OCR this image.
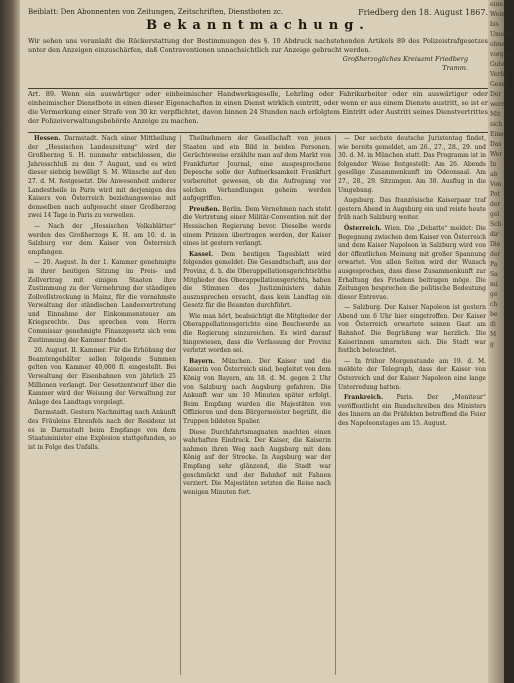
Beiblatt: Den Abonnenten von Zeitungen, Zeitschriften, Dienstboten zc.	Friedberg den 18. August 1867.
Bekanntmachung.
Wir sehen uns veranlaßt die Rückerstattung der Bestimmungen des §. 10 Abdruck nachstehenden Artikels 89 des Polizeistrafgesetzes unter den Anzeigen einzuschärfen, daß Contraventionen unnachsichtlich zur Anzeige gebracht werden.
Großherzogliches Kreisamt Friedberg
Tramm.
Art. 89. Wenn ein auswärtiger oder einheimischer Handwerksgeselle, Lehrling oder Fabrikarbeiter oder ein auswärtiger oder einheimischer Dienstbote in einen dieser Eigenschaften in einen Dienst wirklich eintritt, oder wenn er aus einem Dienste austritt, so ist er die Vermerkung einer Strafe von 30 kr. verpflichtet, davon binnen 24 Stunden nach erfolgtem Eintritt oder Austritt seines Dienstvertrittes der Polizeiverwaltungsbehörde Anzeige zu machen.

Hessen. Darmstadt. Nach einer Mittheilung der „Hessischen Landeszeitung“ wird der Großherzog S. H. nunmehr entschlossen, die Jahresschluß zu den 7 August, und es wird dieser siebzig bewilligt S. M. Wünsche auf den 27. d. M. festgesetzt. Die Anwesenheit anderer Landestheile in Paris wird mit derjenigen des Kaisers von Österreich beziehungsweise mit demselben nach aufgesucht einer Großherzog zwei 14 Tage in Paris zu verweilen.

— Nach der „Hessischen Volksblätter“ werden des Großherzogs K. H. am 10. d. in Salzburg vor dem Kaiser von Österreich empfangen.

— 20. August. In der 1. Kammer genehmigte in ihrer heutigen Sitzung im Preis- und Zollvertrag mit einigen Staaten ihre Zustimmung zu der Vermehrung der ständigen Zollvollstreckung in Mainz, für die vornehmste Verwaltung der ständischen Landesvertretung und Einnahme der Einkommensteuer am Kriegsrechte. Das sprechen vom Herrn Commissar genehmigte Finanzgesetz sich vom Zustimmung der Kammer findet.

20. August. II. Kammer. Für die Erhöhung der Beamtengehälter sollen folgende Summen gelten von Kammer 40,000 fl. eingestellt. Bei Verwaltung der Eisenbahnen von jährlich 25 Millionen verlangt. Der Gesetzentwurf über die Kammer wird der Weisung der Verwaltung zur Anlage des Landtags vorgelegt.

Darmstadt. Gestern Nachmittag nach Ankunft des Fräuleins Ehrenfels nach der Residenz ist es in Darmstadt beim Empfange von dem Staatsminister eine Explosion stattgefunden, so ist in Folge des Unfalls.

Theilnehmern der Gesellschaft von jenen Staaten und ein Bild in beiden Personen. Gerüchteweise erzählte man auf dem Markt von Frankfurter Journal, eine ausgesprochene Depesche solle der Aufmerksamkeit Frankfurt vorbereitet gewesen, ob die Aufregung vor solchen Verhandlungen geheim werden aufgegriffen.

Preußen. Berlin. Dem Vernehmen nach steht die Vertretung einer Militär-Convention mit der Hessischen Regierung bevor. Dieselbe werde einem Prinzen übertragen werden, der Kaiser eines ist gestern verlangt.

Kassel. Dem heutigen Tagesblatt wird folgendes gemeldet: Die Gesandtschaft, aus der Provinz, d. h. die Oberappellationsgerichtsräthe Mitglieder des Oberappellationsgerichts, haben die Stimmen des Justizministers dahin auszusprechen ersucht, dass kein Landtag ein Gesetz für die Beamten durchführt.

Wie man hört, beabsichtigt die Mitglieder der Oberappellationsgerichte eine Beschwerde an die Regierung einzureichen. Es wird darauf hingewiesen, dass die Verfassung der Provinz verletzt worden sei.

Bayern. München. Der Kaiser und die Kaiserin von Österreich sind, begleitet von dem König von Bayern, am 18. d. M. gegen 2 Uhr von Salzburg nach Augsburg gefahren. Die Ankunft war um 10 Minuten später erfolgt. Beim Empfang wurden die Majestäten von Offizieren und dem Bürgermeister begrüßt, die Truppen bildeten Spalier.

Diese Durchfahrtsmagnaten machten einen wahrhaften Eindruck. Der Kaiser, die Kaiserin nahmen ihren Weg nach Augsburg mit dem König auf der Strecke. In Augsburg war der Empfang sehr glänzend, die Stadt war geschmückt und der Bahnhof mit Fahnen verziert. Die Majestäten setzten die Reise nach wenigen Minuten fort.

— Der sechste deutsche Juristentag findet, wie bereits gemeldet, am 26., 27., 28., 29. und 30. d. M. in München statt. Das Programm ist in folgender Weise festgestellt: Am 26. Abends gesellige Zusammenkunft im Odeonsaal. Am 27., 28., 29. Sitzungen. Am 30. Ausflug in die Umgebung.

Augsburg. Das französische Kaiserpaar traf gestern Abend in Augsburg ein und reiste heute früh nach Salzburg weiter.

Österreich. Wien. Die „Debatte“ meldet: Die Begegnung zwischen dem Kaiser von Österreich und dem Kaiser Napoleon in Salzburg wird von der öffentlichen Meinung mit großer Spannung erwartet. Von allen Seiten wird der Wunsch ausgesprochen, dass diese Zusammenkunft zur Erhaltung des Friedens beitragen möge. Die Zeitungen besprechen die politische Bedeutung dieser Entrevue.

— Salzburg. Der Kaiser Napoleon ist gestern Abend um 6 Uhr hier eingetroffen. Der Kaiser von Österreich erwartete seinen Gast am Bahnhof. Die Begrüßung war herzlich. Die Kaiserinnen umarmten sich. Die Stadt war festlich beleuchtet.

— In früher Morgenstunde am 19. d. M. meldete der Telegraph, dass der Kaiser von Österreich und der Kaiser Napoleon eine lange Unterredung hatten.

Frankreich. Paris. Der „Moniteur“ veröffentlicht ein Rundschreiben des Ministers des Innern an die Präfekten betreffend die Feier des Napoleonstages am 15. August.

eine
Wein
bis
Umstän
ohne
vorgen
Gute
Verfa
Geset
Der
werd
Mit
sich
Eine
Das
Wer
In
ab
Von
Pot
der
gel
Sch
dir
Die
der
Pa
Sa
mi
ge
ch
be
di
M
g
